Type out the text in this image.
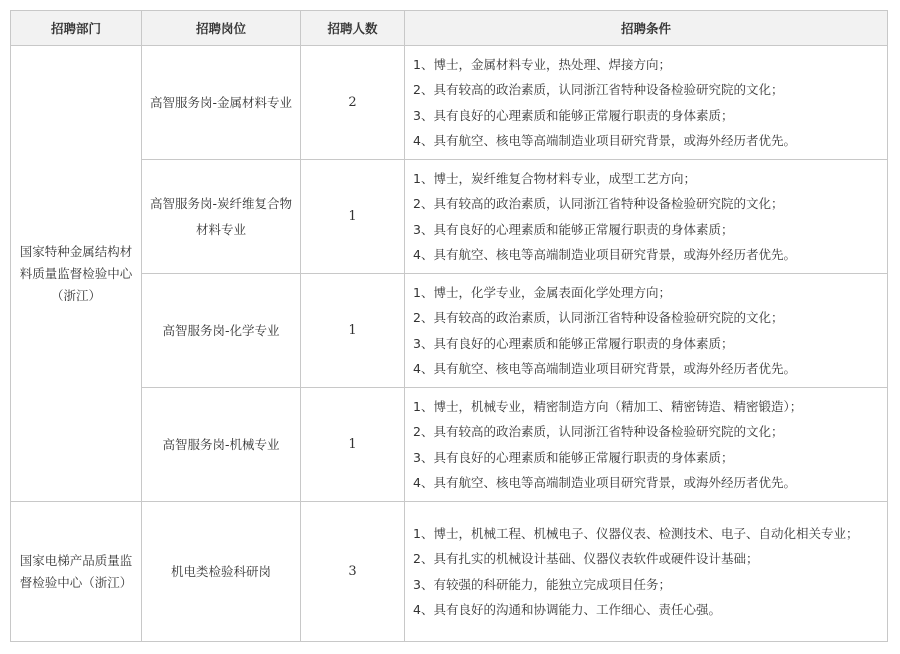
招聘部门	招聘岗位	招聘人数	招聘条件
国家特种金属结构材料质量监督检验中心（浙江）	高智服务岗-金属材料专业	2	1、博士，金属材料专业，热处理、焊接方向；
2、具有较高的政治素质，认同浙江省特种设备检验研究院的文化；
3、具有良好的心理素质和能够正常履行职责的身体素质；
4、具有航空、核电等高端制造业项目研究背景，或海外经历者优先。

	高智服务岗-炭纤维复合物材料专业	1	1、博士，炭纤维复合物材料专业，成型工艺方向；
2、具有较高的政治素质，认同浙江省特种设备检验研究院的文化；
3、具有良好的心理素质和能够正常履行职责的身体素质；
4、具有航空、核电等高端制造业项目研究背景，或海外经历者优先。

	高智服务岗-化学专业	1	1、博士，化学专业，金属表面化学处理方向；
2、具有较高的政治素质，认同浙江省特种设备检验研究院的文化；
3、具有良好的心理素质和能够正常履行职责的身体素质；
4、具有航空、核电等高端制造业项目研究背景，或海外经历者优先。

	高智服务岗-机械专业	1	1、博士，机械专业，精密制造方向（精加工、精密铸造、精密锻造）；
2、具有较高的政治素质，认同浙江省特种设备检验研究院的文化；
3、具有良好的心理素质和能够正常履行职责的身体素质；
4、具有航空、核电等高端制造业项目研究背景，或海外经历者优先。

国家电梯产品质量监督检验中心（浙江）	机电类检验科研岗	3	1、博士，机械工程、机械电子、仪器仪表、检测技术、电子、自动化相关专业；
2、具有扎实的机械设计基础、仪器仪表软件或硬件设计基础；
3、有较强的科研能力，能独立完成项目任务；
4、具有良好的沟通和协调能力、工作细心、责任心强。
